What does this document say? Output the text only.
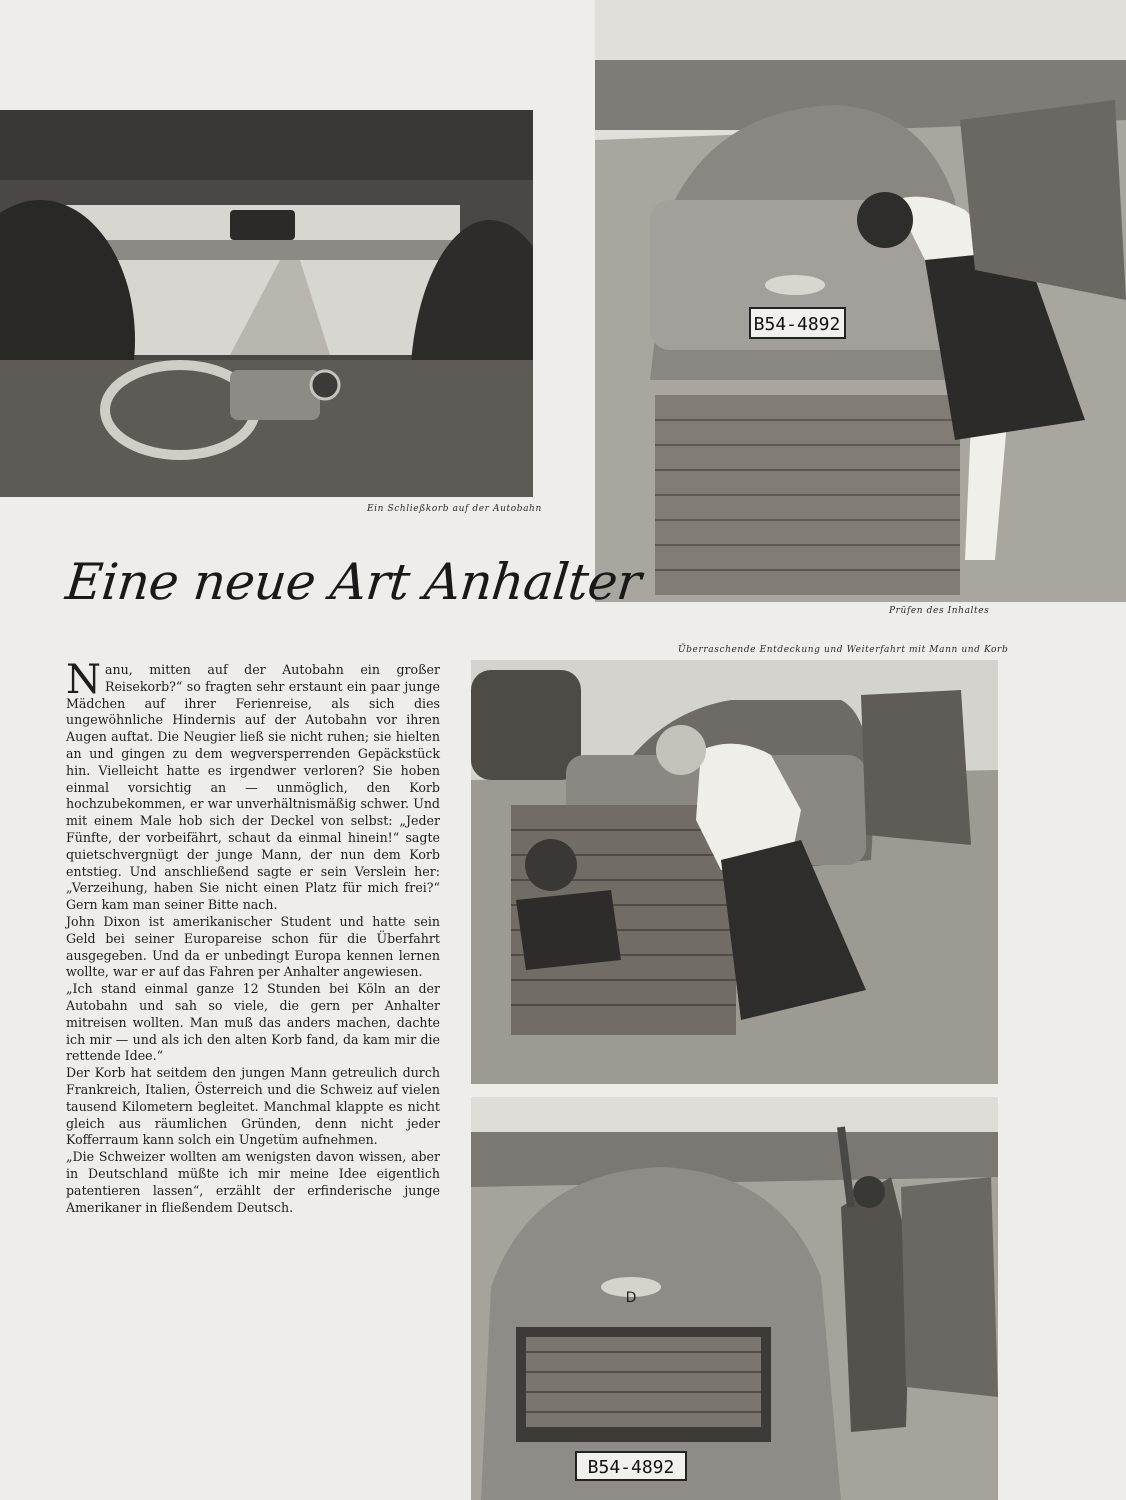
Ein Schließkorb auf der Autobahn
B54-4892
Prüfen des Inhaltes
Eine neue Art Anhalter
Überraschende Entdeckung und Weiterfahrt mit Mann und Korb
B54-4892
D

Nanu, mitten auf der Autobahn ein großer Reisekorb?“ so fragten sehr erstaunt ein paar junge Mädchen auf ihrer Ferienreise, als sich dies ungewöhnliche Hindernis auf der Autobahn vor ihren Augen auftat. Die Neugier ließ sie nicht ruhen; sie hielten an und gingen zu dem wegversperrenden Gepäckstück hin. Vielleicht hatte es irgendwer verloren? Sie hoben einmal vorsichtig an — unmöglich, den Korb hochzubekommen, er war unverhältnismäßig schwer. Und mit einem Male hob sich der Deckel von selbst: „Jeder Fünfte, der vorbeifährt, schaut da einmal hinein!“ sagte quietschvergnügt der junge Mann, der nun dem Korb entstieg. Und anschließend sagte er sein Verslein her: „Verzeihung, haben Sie nicht einen Platz für mich frei?“ Gern kam man seiner Bitte nach.

John Dixon ist amerikanischer Student und hatte sein Geld bei seiner Europareise schon für die Überfahrt ausgegeben. Und da er unbedingt Europa kennen lernen wollte, war er auf das Fahren per Anhalter angewiesen.

„Ich stand einmal ganze 12 Stunden bei Köln an der Autobahn und sah so viele, die gern per Anhalter mitreisen wollten. Man muß das anders machen, dachte ich mir — und als ich den alten Korb fand, da kam mir die rettende Idee.“

Der Korb hat seitdem den jungen Mann getreulich durch Frankreich, Italien, Österreich und die Schweiz auf vielen tausend Kilometern begleitet. Manchmal klappte es nicht gleich aus räumlichen Gründen, denn nicht jeder Kofferraum kann solch ein Ungetüm aufnehmen.

„Die Schweizer wollten am wenigsten davon wissen, aber in Deutschland müßte ich mir meine Idee eigentlich patentieren lassen“, erzählt der erfinderische junge Amerikaner in fließendem Deutsch.
